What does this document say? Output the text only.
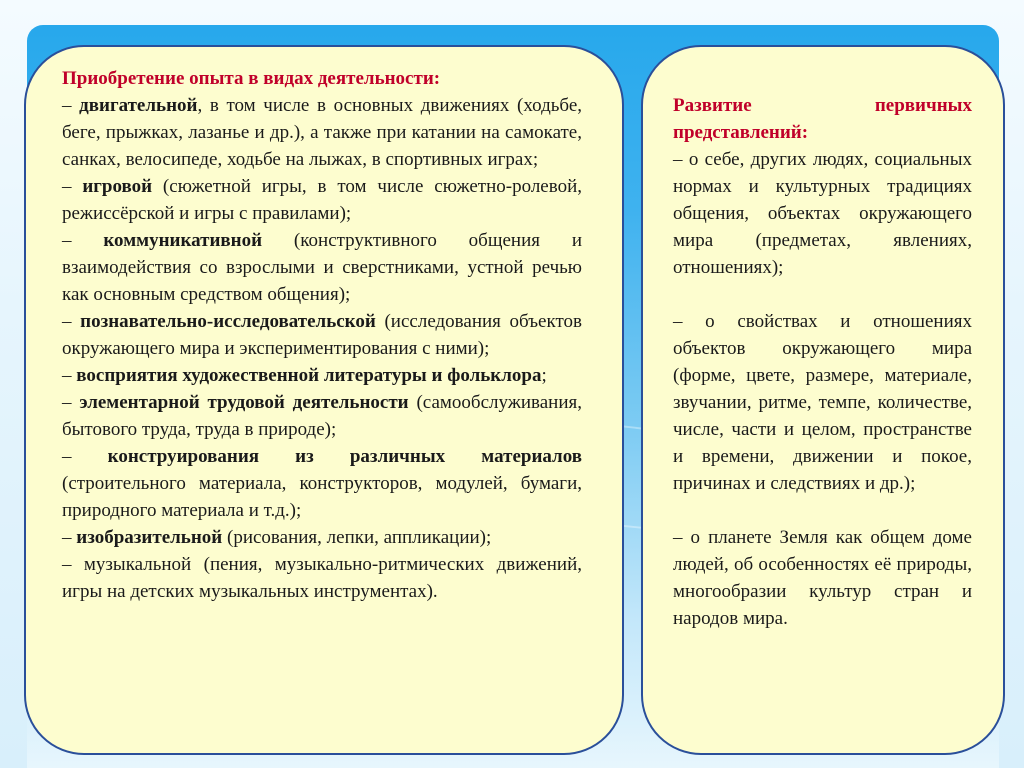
Приобретение опыта в видах деятельности:

– двигательной, в том числе в основных движениях (ходьбе, беге, прыжках, лазанье и др.), а также при катании на самокате, санках, велосипеде, ходьбе на лыжах, в спортивных играх;

– игровой (сюжетной игры, в том числе сюжетно-ролевой, режиссёрской и игры с правилами);

– коммуникативной (конструктивного общения и взаимодействия со взрослыми и сверстниками, устной речью как основным средством общения);

– познавательно-исследовательской (исследования объектов окружающего мира и экспериментирования с ними);

– восприятия художественной литературы и фольклора;

– элементарной трудовой деятельности (самообслуживания, бытового труда, труда в природе);

– конструирования из различных материалов (строительного материала, конструкторов, модулей, бумаги, природного материала и т.д.);

– изобразительной (рисования, лепки, аппликации);

– музыкальной (пения, музыкально-ритмических движений, игры на детских музыкальных инструментах).

Развитие первичных
представлений:

– о себе, других людях, социальных нормах и культурных традициях общения, объектах окружающего мира (предметах, явлениях, отношениях);

– о свойствах и отношениях объектов окружающего мира (форме, цвете, размере, материале, звучании, ритме, темпе, количестве, числе, части и целом, пространстве и времени, движении и покое, причинах и следствиях и др.);

– о планете Земля как общем доме людей, об особенностях её природы, многообразии культур стран и народов мира.
